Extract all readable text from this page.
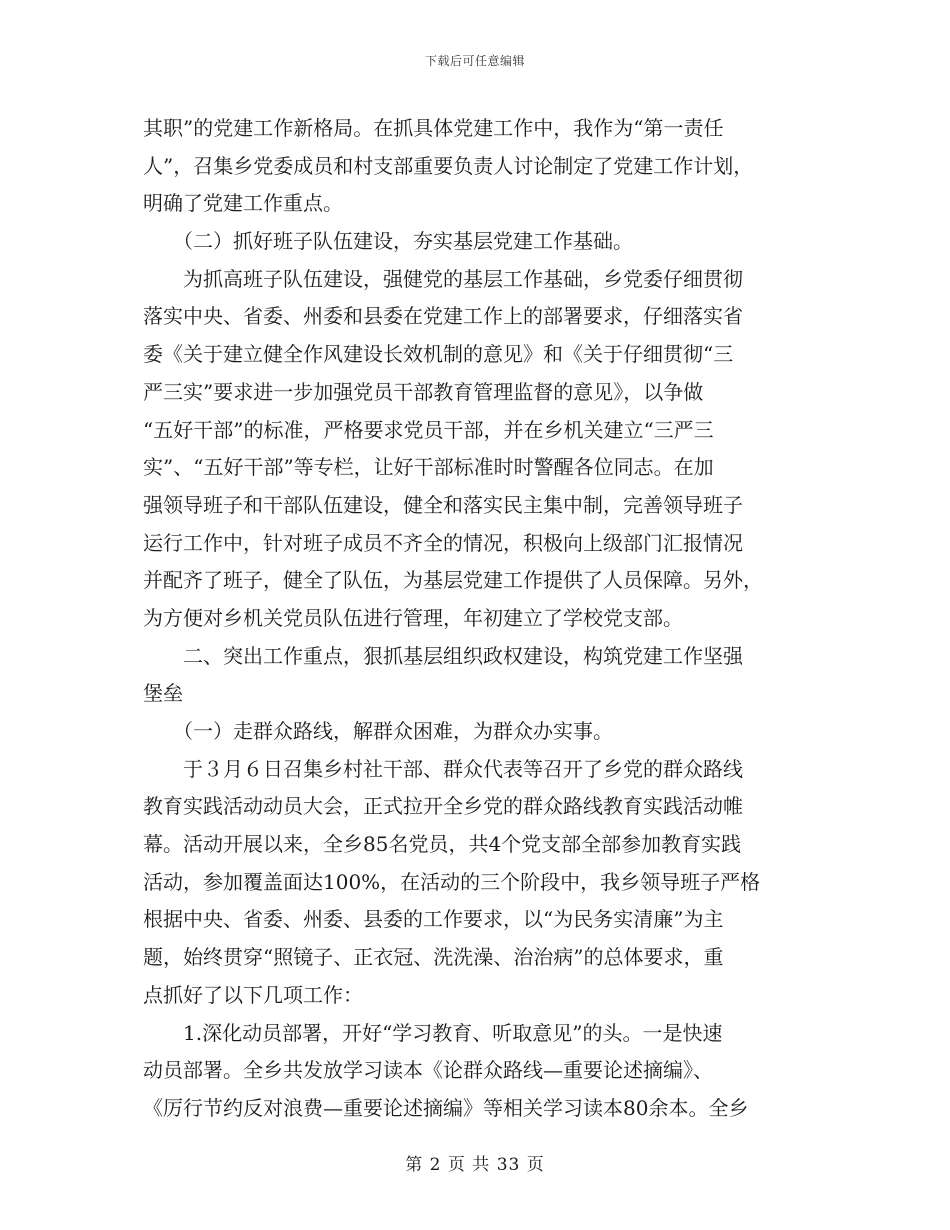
下载后可任意编辑
其职”的党建工作新格局。在抓具体党建工作中，我作为“第一责任
人”，召集乡党委成员和村支部重要负责人讨论制定了党建工作计划，
明确了党建工作重点。
　　（二）抓好班子队伍建设，夯实基层党建工作基础。
　　为抓高班子队伍建设，强健党的基层工作基础，乡党委仔细贯彻
落实中央、省委、州委和县委在党建工作上的部署要求，仔细落实省
委《关于建立健全作风建设长效机制的意见》和《关于仔细贯彻“三
严三实”要求进一步加强党员干部教育管理监督的意见》，以争做
“五好干部”的标准，严格要求党员干部，并在乡机关建立“三严三
实”、“五好干部”等专栏，让好干部标准时时警醒各位同志。在加
强领导班子和干部队伍建设，健全和落实民主集中制，完善领导班子
运行工作中，针对班子成员不齐全的情况，积极向上级部门汇报情况
并配齐了班子，健全了队伍，为基层党建工作提供了人员保障。另外，
为方便对乡机关党员队伍进行管理，年初建立了学校党支部。
　　二、突出工作重点，狠抓基层组织政权建设，构筑党建工作坚强
堡垒
　　（一）走群众路线，解群众困难，为群众办实事。
　　于３月６日召集乡村社干部、群众代表等召开了乡党的群众路线
教育实践活动动员大会，正式拉开全乡党的群众路线教育实践活动帷
幕。活动开展以来，全乡85名党员，共4个党支部全部参加教育实践
活动，参加覆盖面达100%，在活动的三个阶段中，我乡领导班子严格
根据中央、省委、州委、县委的工作要求，以“为民务实清廉”为主
题，始终贯穿“照镜子、正衣冠、洗洗澡、治治病”的总体要求，重
点抓好了以下几项工作：
　　1.深化动员部署，开好“学习教育、听取意见”的头。一是快速
动员部署。全乡共发放学习读本《论群众路线—重要论述摘编》、
《厉行节约反对浪费—重要论述摘编》等相关学习读本80余本。全乡
第 2 页 共 33 页
